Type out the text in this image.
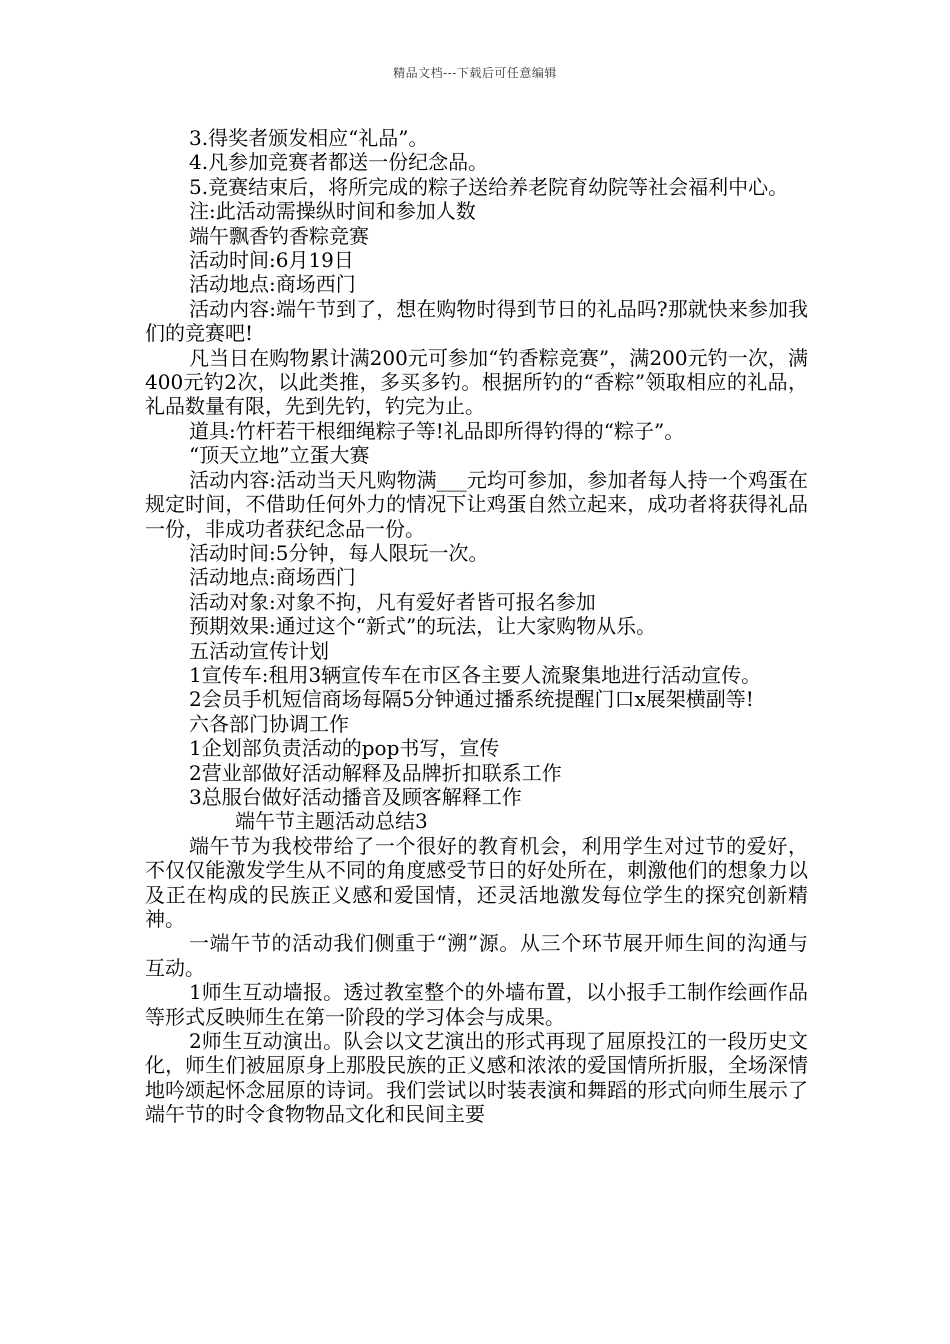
精品文档---下载后可任意编辑

3.得奖者颁发相应“礼品”。

4.凡参加竞赛者都送一份纪念品。

5.竞赛结束后，将所完成的粽子送给养老院育幼院等社会福利中心。

注:此活动需操纵时间和参加人数

端午飘香钓香粽竞赛

活动时间:6月19日

活动地点:商场西门

活动内容:端午节到了，想在购物时得到节日的礼品吗?那就快来参加我们的竞赛吧!

凡当日在购物累计满200元可参加“钓香粽竞赛”，满200元钓一次，满400元钓2次，以此类推，多买多钓。根据所钓的“香粽”领取相应的礼品，礼品数量有限，先到先钓，钓完为止。

道具:竹杆若干根细绳粽子等!礼品即所得钓得的“粽子”。

“顶天立地”立蛋大赛

活动内容:活动当天凡购物满___元均可参加，参加者每人持一个鸡蛋在规定时间，不借助任何外力的情况下让鸡蛋自然立起来，成功者将获得礼品一份，非成功者获纪念品一份。

活动时间:5分钟，每人限玩一次。

活动地点:商场西门

活动对象:对象不拘，凡有爱好者皆可报名参加

预期效果:通过这个“新式”的玩法，让大家购物从乐。

五活动宣传计划

1宣传车:租用3辆宣传车在市区各主要人流聚集地进行活动宣传。

2会员手机短信商场每隔5分钟通过播系统提醒门口x展架横副等!

六各部门协调工作

1企划部负责活动的pop书写，宣传

2营业部做好活动解释及品牌折扣联系工作

3总服台做好活动播音及顾客解释工作

端午节主题活动总结3

端午节为我校带给了一个很好的教育机会，利用学生对过节的爱好，不仅仅能激发学生从不同的角度感受节日的好处所在，刺激他们的想象力以及正在构成的民族正义感和爱国情，还灵活地激发每位学生的探究创新精神。

一端午节的活动我们侧重于“溯”源。从三个环节展开师生间的沟通与互动。

1师生互动墙报。透过教室整个的外墙布置，以小报手工制作绘画作品等形式反映师生在第一阶段的学习体会与成果。

2师生互动演出。队会以文艺演出的形式再现了屈原投江的一段历史文化，师生们被屈原身上那股民族的正义感和浓浓的爱国情所折服，全场深情地吟颂起怀念屈原的诗词。我们尝试以时装表演和舞蹈的形式向师生展示了端午节的时令食物物品文化和民间主要
